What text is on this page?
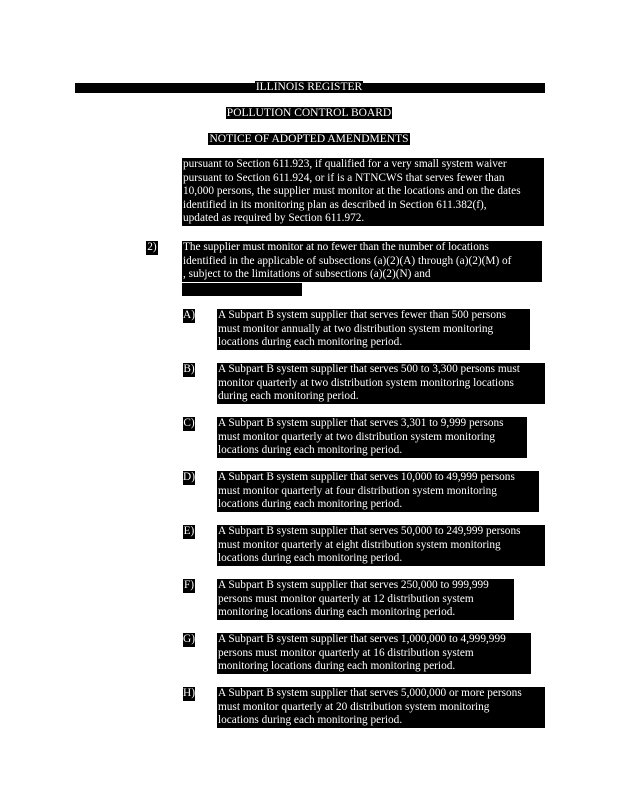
ILLINOIS REGISTER
POLLUTION CONTROL BOARD
NOTICE OF ADOPTED AMENDMENTS
pursuant to Section 611.923, if qualified for a very small system waiver
pursuant to Section 611.924, or if is a NTNCWS that serves fewer than
10,000 persons, the supplier must monitor at the locations and on the dates
identified in its monitoring plan as described in Section 611.382(f),
updated as required by Section 611.972.
2) The supplier must monitor at no fewer than the number of locations
identified in the applicable of subsections (a)(2)(A) through (a)(2)(M) of
, subject to the limitations of subsections (a)(2)(N) and
A) A Subpart B system supplier that serves fewer than 500 persons
must monitor annually at two distribution system monitoring
locations during each monitoring period.
B) A Subpart B system supplier that serves 500 to 3,300 persons must
monitor quarterly at two distribution system monitoring locations
during each monitoring period.
C) A Subpart B system supplier that serves 3,301 to 9,999 persons
must monitor quarterly at two distribution system monitoring
locations during each monitoring period.
D) A Subpart B system supplier that serves 10,000 to 49,999 persons
must monitor quarterly at four distribution system monitoring
locations during each monitoring period.
E) A Subpart B system supplier that serves 50,000 to 249,999 persons
must monitor quarterly at eight distribution system monitoring
locations during each monitoring period.
F) A Subpart B system supplier that serves 250,000 to 999,999
persons must monitor quarterly at 12 distribution system
monitoring locations during each monitoring period.
G) A Subpart B system supplier that serves 1,000,000 to 4,999,999
persons must monitor quarterly at 16 distribution system
monitoring locations during each monitoring period.
H) A Subpart B system supplier that serves 5,000,000 or more persons
must monitor quarterly at 20 distribution system monitoring
locations during each monitoring period.
